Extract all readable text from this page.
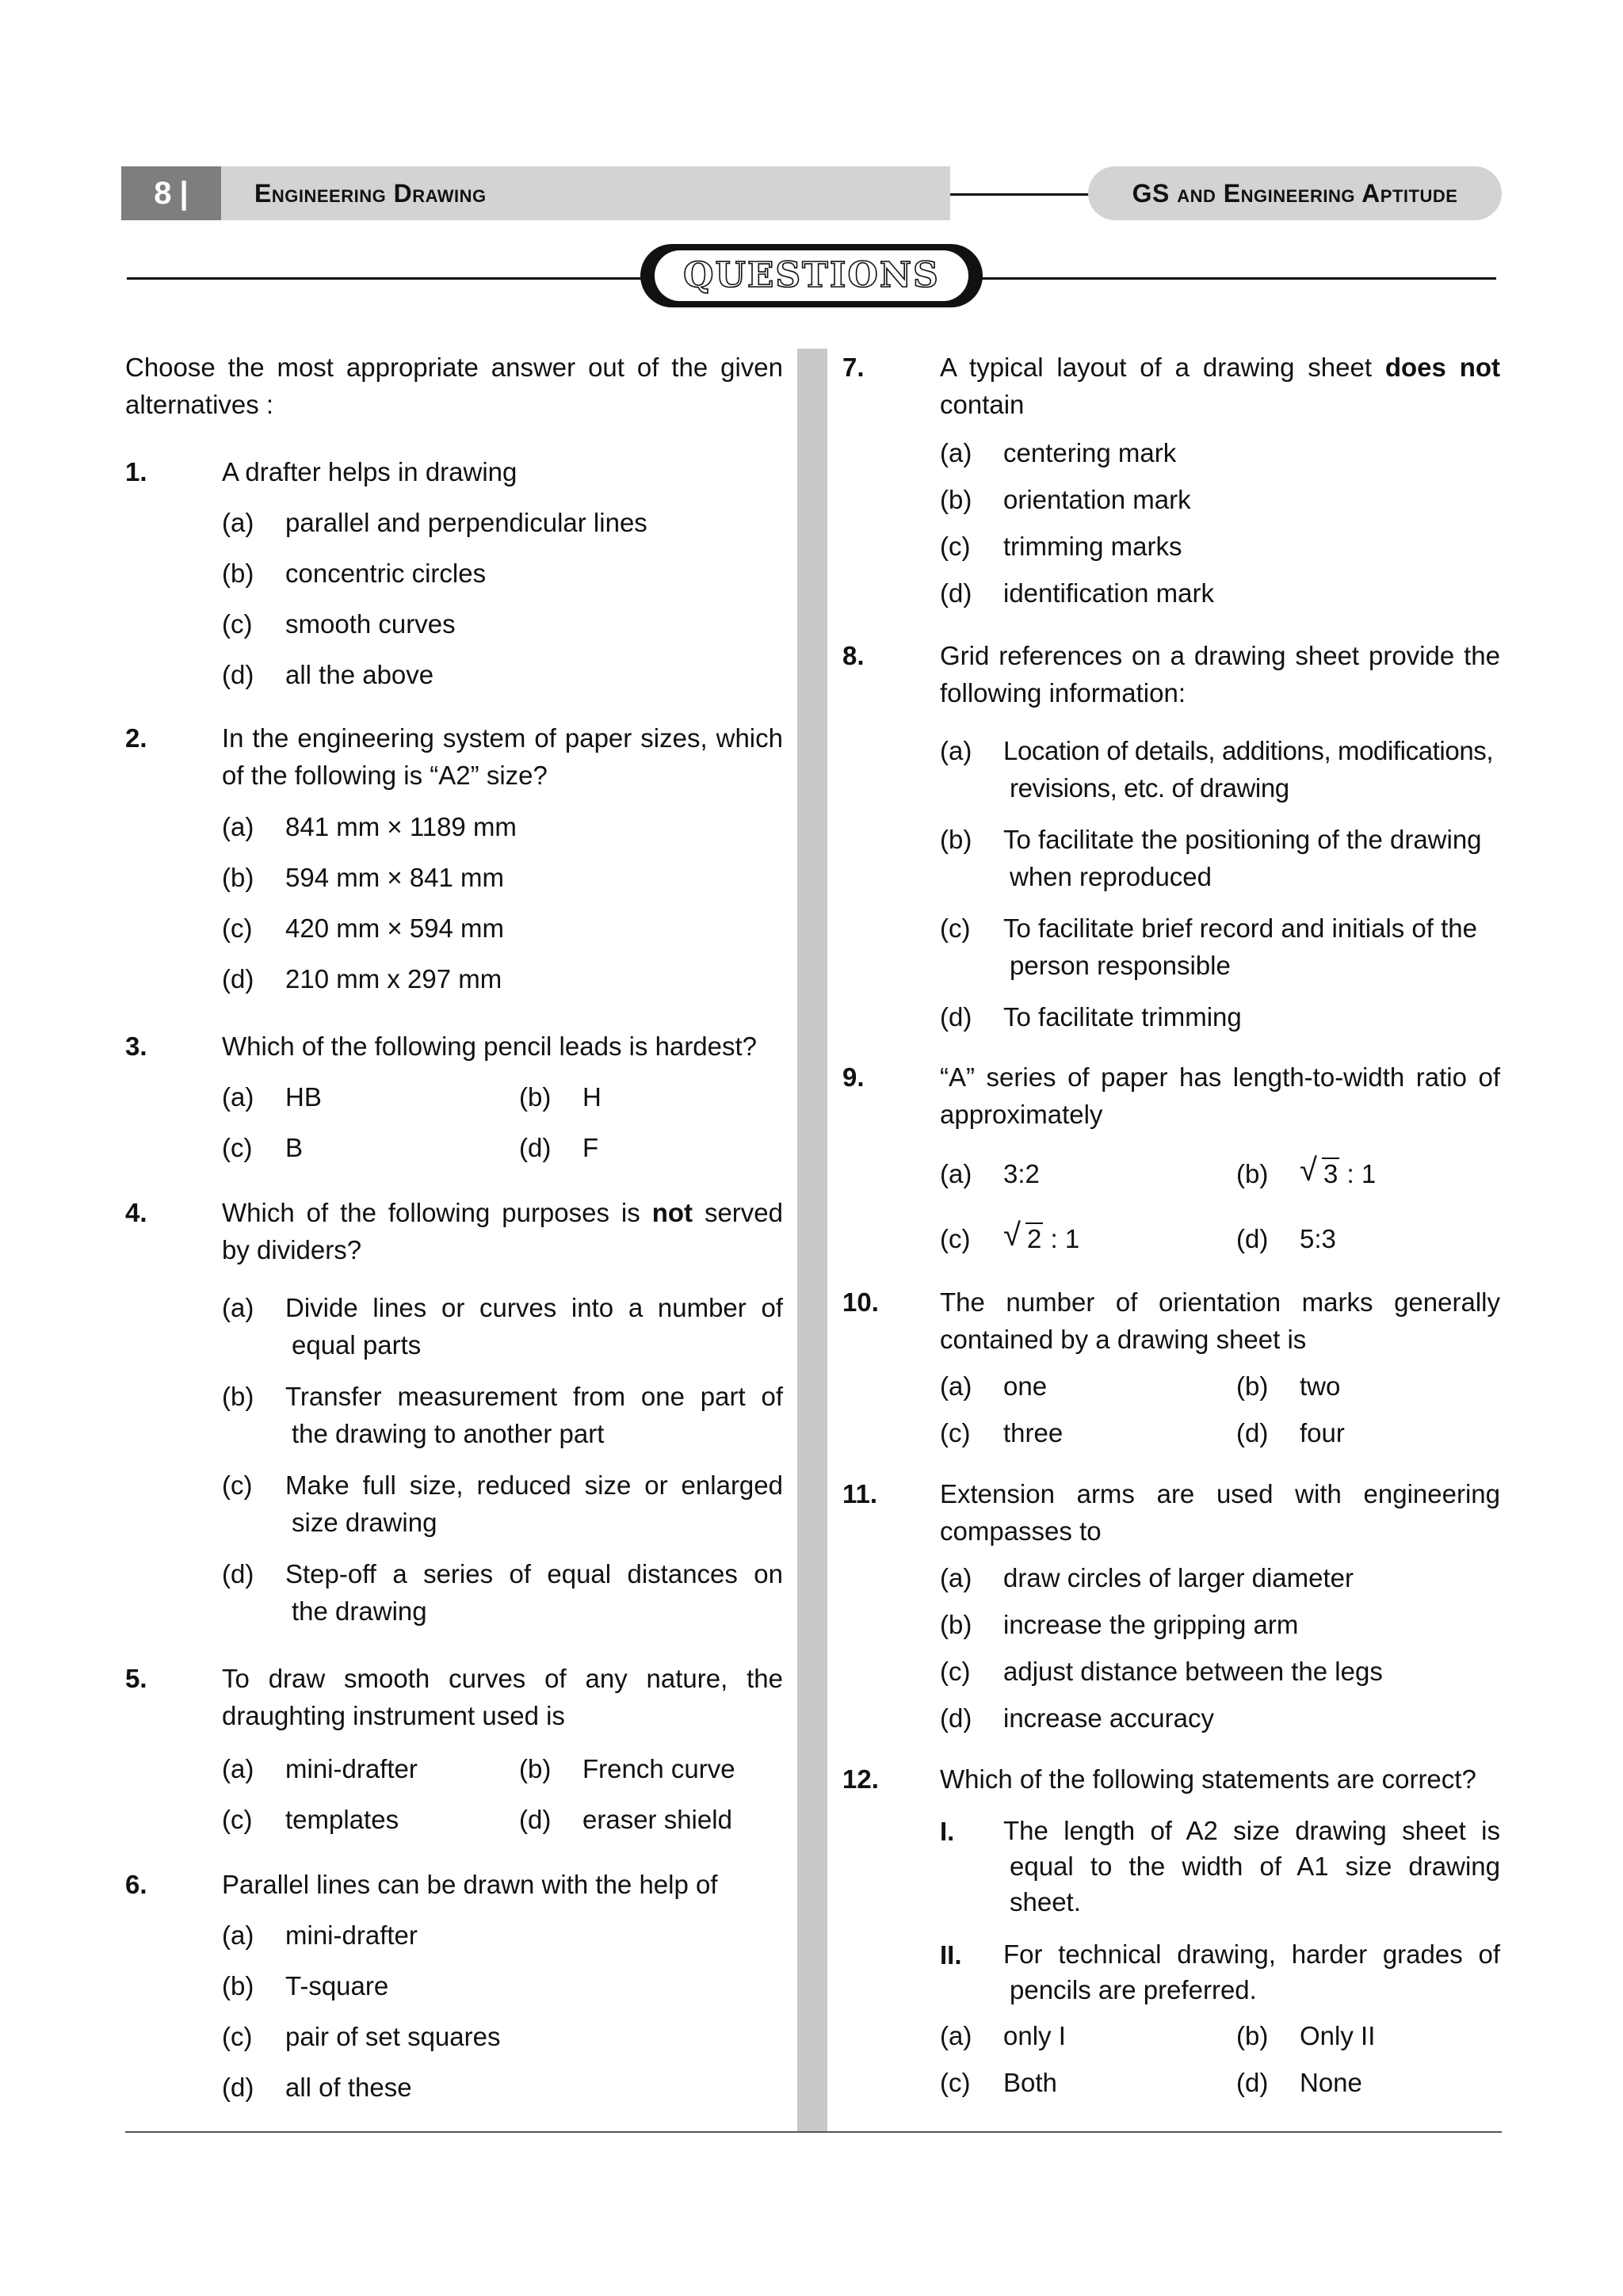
8 |	Engineering Drawing	GS and Engineering Aptitude
QUESTIONS
Choose the most appropriate answer out of the given alternatives :
1.	A drafter helps in drawing
(a) parallel and perpendicular lines
(b) concentric circles
(c) smooth curves
(d) all the above
2.	In the engineering system of paper sizes, which of the following is “A2” size?
(a) 841 mm × 1189 mm
(b) 594 mm × 841 mm
(c) 420 mm × 594 mm
(d) 210 mm x 297 mm
3.	Which of the following pencil leads is hardest?
(a) HB	(b) H
(c) B	(d) F
4.	Which of the following purposes is not served by dividers?
(a) Divide lines or curves into a number of
equal parts
(b) Transfer measurement from one part of
the drawing to another part
(c) Make full size, reduced size or enlarged
size drawing
(d) Step-off a series of equal distances on
the drawing
5.	To draw smooth curves of any nature, the draughting instrument used is
(a) mini-drafter	(b) French curve
(c) templates	(d) eraser shield
6.	Parallel lines can be drawn with the help of
(a) mini-drafter
(b) T-square
(c) pair of set squares
(d) all of these
7.	A typical layout of a drawing sheet does not contain
(a) centering mark
(b) orientation mark
(c) trimming marks
(d) identification mark
8.	Grid references on a drawing sheet provide the following information:
(a) Location of details, additions, modifications,
revisions, etc. of drawing
(b) To facilitate the positioning of the drawing
when reproduced
(c) To facilitate brief record and initials of the
person responsible
(d) To facilitate trimming
9.	“A” series of paper has length-to-width ratio of approximately
(a) 3:2	(b)	√ 3 : 1
(c)	√ 2 : 1	(d) 5:3
10. The number of orientation marks generally contained by a drawing sheet is
(a) one	(b) two
(c) three	(d) four
11. Extension arms are used with engineering compasses to
(a) draw circles of larger diameter
(b) increase the gripping arm
(c) adjust distance between the legs
(d) increase accuracy
12. Which of the following statements are correct?
I. The length of A2 size drawing sheet is
equal to the width of A1 size drawing
sheet.
II. For technical drawing, harder grades of
pencils are preferred.
(a) only I	(b) Only II
(c) Both	(d) None
